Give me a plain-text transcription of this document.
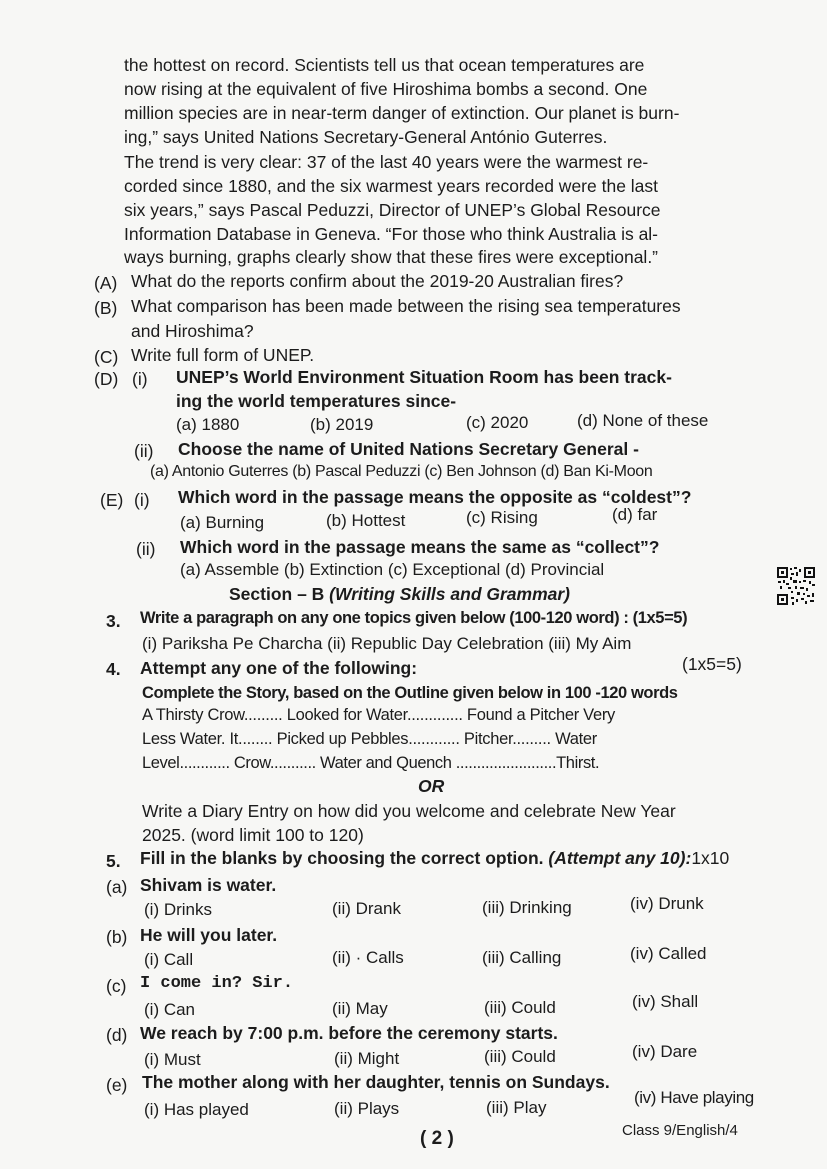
the hottest on record. Scientists tell us that ocean temperatures are
now rising at the equivalent of five Hiroshima bombs a second. One
million species are in near-term danger of extinction. Our planet is burn-
ing,” says United Nations Secretary-General António Guterres.
The trend is very clear: 37 of the last 40 years were the warmest re-
corded since 1880, and the six warmest years recorded were the last
six years,” says Pascal Peduzzi, Director of UNEP’s Global Resource
Information Database in Geneva. “For those who think Australia is al-
ways burning, graphs clearly show that these fires were exceptional.”
(A) What do the reports confirm about the 2019-20 Australian fires?
(B) What comparison has been made between the rising sea temperatures
and Hiroshima?
(C) Write full form of UNEP.
(D) (i) UNEP’s World Environment Situation Room has been track-
ing the world temperatures since-
(a) 1880	(b) 2019	(c) 2020	(d) None of these
(ii) Choose the name of United Nations Secretary General -
(a) Antonio Guterres (b) Pascal Peduzzi (c) Ben Johnson (d) Ban Ki-Moon
(E) (i) Which word in the passage means the opposite as “coldest”?
(a) Burning	(b) Hottest	(c) Rising	(d) far
(ii) Which word in the passage means the same as “collect”?
(a) Assemble (b) Extinction (c) Exceptional (d) Provincial
Section – B (Writing Skills and Grammar)
3. Write a paragraph on any one topics given below (100-120 word) : (1x5=5)
(i) Pariksha Pe Charcha (ii) Republic Day Celebration (iii) My Aim
4. Attempt any one of the following:	(1x5=5)
Complete the Story, based on the Outline given below in 100 -120 words
A Thirsty Crow......... Looked for Water............. Found a Pitcher Very
Less Water. It........ Picked up Pebbles............ Pitcher......... Water
Level............ Crow........... Water and Quench ........................Thirst.
OR
Write a Diary Entry on how did you welcome and celebrate New Year
2025. (word limit 100 to 120)
5. Fill in the blanks by choosing the correct option. (Attempt any 10):1x10
(a) Shivam is water.
(i) Drinks	(ii) Drank	(iii) Drinking	(iv) Drunk
(b) He will you later.
(i) Call	(ii) · Calls	(iii) Calling	(iv) Called
(c) I come in? Sir.
(i) Can	(ii) May	(iii) Could	(iv) Shall
(d) We reach by 7:00 p.m. before the ceremony starts.
(i) Must	(ii) Might	(iii) Could	(iv) Dare
(e) The mother along with her daughter, tennis on Sundays.
(i) Has played	(ii) Plays	(iii) Play
(iv) Have playing
( 2 )	Class 9/English/4
